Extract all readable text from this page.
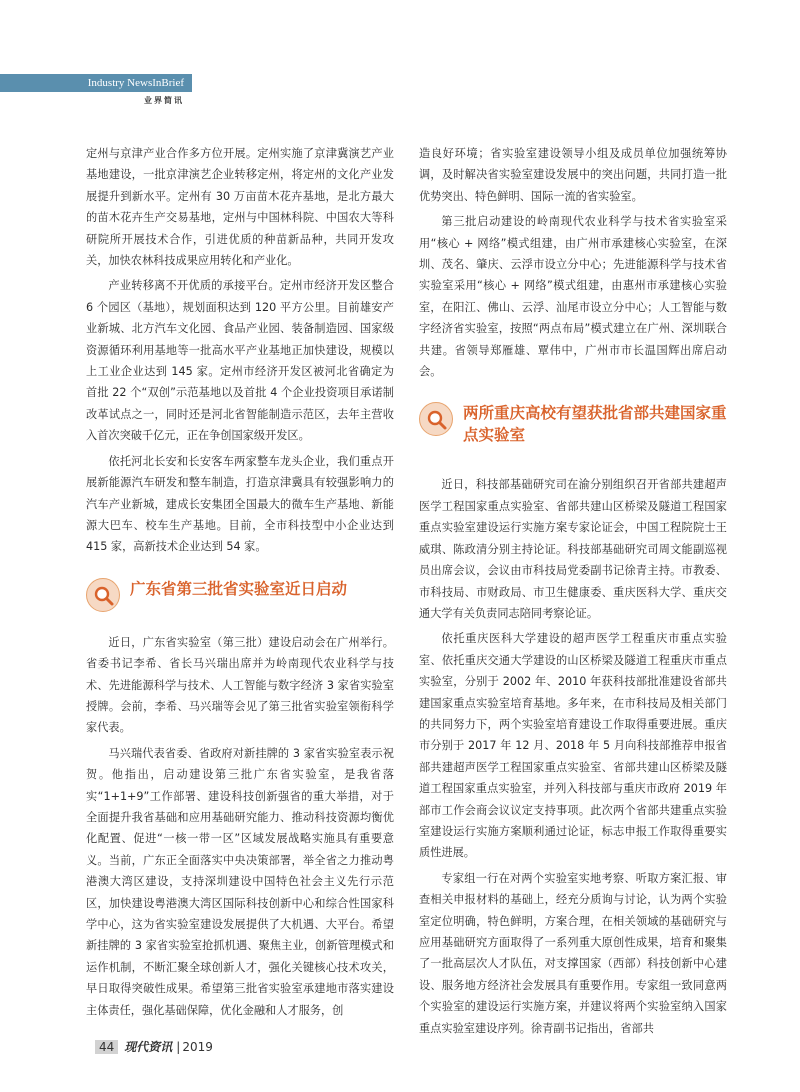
Industry NewsInBrief
业界简讯

定州与京津产业合作多方位开展。定州实施了京津冀演艺产业基地建设，一批京津演艺企业转移定州，将定州的文化产业发展提升到新水平。定州有 30 万亩苗木花卉基地，是北方最大的苗木花卉生产交易基地，定州与中国林科院、中国农大等科研院所开展技术合作，引进优质的种苗新品种，共同开发攻关，加快农林科技成果应用转化和产业化。

产业转移离不开优质的承接平台。定州市经济开发区整合 6 个园区（基地），规划面积达到 120 平方公里。目前雄安产业新城、北方汽车文化园、食品产业园、装备制造园、国家级资源循环利用基地等一批高水平产业基地正加快建设，规模以上工业企业达到 145 家。定州市经济开发区被河北省确定为首批 22 个“双创”示范基地以及首批 4 个企业投资项目承诺制改革试点之一，同时还是河北省智能制造示范区，去年主营收入首次突破千亿元，正在争创国家级开发区。

依托河北长安和长安客车两家整车龙头企业，我们重点开展新能源汽车研发和整车制造，打造京津冀具有较强影响力的汽车产业新城，建成长安集团全国最大的微车生产基地、新能源大巴车、校车生产基地。目前，全市科技型中小企业达到 415 家，高新技术企业达到 54 家。

广东省第三批省实验室近日启动

近日，广东省实验室（第三批）建设启动会在广州举行。省委书记李希、省长马兴瑞出席并为岭南现代农业科学与技术、先进能源科学与技术、人工智能与数字经济 3 家省实验室授牌。会前，李希、马兴瑞等会见了第三批省实验室领衔科学家代表。

马兴瑞代表省委、省政府对新挂牌的 3 家省实验室表示祝贺。他指出，启动建设第三批广东省实验室，是我省落实“1+1+9”工作部署、建设科技创新强省的重大举措，对于全面提升我省基础和应用基础研究能力、推动科技资源均衡优化配置、促进“一核一带一区”区域发展战略实施具有重要意义。当前，广东正全面落实中央决策部署，举全省之力推动粤港澳大湾区建设，支持深圳建设中国特色社会主义先行示范区，加快建设粤港澳大湾区国际科技创新中心和综合性国家科学中心，这为省实验室建设发展提供了大机遇、大平台。希望新挂牌的 3 家省实验室抢抓机遇、聚焦主业，创新管理模式和运作机制，不断汇聚全球创新人才，强化关键核心技术攻关，早日取得突破性成果。希望第三批省实验室承建地市落实建设主体责任，强化基础保障，优化金融和人才服务，创

造良好环境；省实验室建设领导小组及成员单位加强统筹协调，及时解决省实验室建设发展中的突出问题，共同打造一批优势突出、特色鲜明、国际一流的省实验室。

第三批启动建设的岭南现代农业科学与技术省实验室采用“核心 + 网络”模式组建，由广州市承建核心实验室，在深圳、茂名、肇庆、云浮市设立分中心；先进能源科学与技术省实验室采用“核心 + 网络”模式组建，由惠州市承建核心实验室，在阳江、佛山、云浮、汕尾市设立分中心；人工智能与数字经济省实验室，按照“两点布局”模式建立在广州、深圳联合共建。省领导郑雁雄、覃伟中，广州市市长温国辉出席启动会。

两所重庆高校有望获批省部共建国家重点实验室

近日，科技部基础研究司在渝分别组织召开省部共建超声医学工程国家重点实验室、省部共建山区桥梁及隧道工程国家重点实验室建设运行实施方案专家论证会，中国工程院院士王威琪、陈政清分别主持论证。科技部基础研究司周文能副巡视员出席会议，会议由市科技局党委副书记徐青主持。市教委、市科技局、市财政局、市卫生健康委、重庆医科大学、重庆交通大学有关负责同志陪同考察论证。

依托重庆医科大学建设的超声医学工程重庆市重点实验室、依托重庆交通大学建设的山区桥梁及隧道工程重庆市重点实验室，分别于 2002 年、2010 年获科技部批准建设省部共建国家重点实验室培育基地。多年来，在市科技局及相关部门的共同努力下，两个实验室培育建设工作取得重要进展。重庆市分别于 2017 年 12 月、2018 年 5 月向科技部推荐申报省部共建超声医学工程国家重点实验室、省部共建山区桥梁及隧道工程国家重点实验室，并列入科技部与重庆市政府 2019 年部市工作会商会议议定支持事项。此次两个省部共建重点实验室建设运行实施方案顺利通过论证，标志申报工作取得重要实质性进展。

专家组一行在对两个实验室实地考察、听取方案汇报、审查相关申报材料的基础上，经充分质询与讨论，认为两个实验室定位明确，特色鲜明，方案合理，在相关领域的基础研究与应用基础研究方面取得了一系列重大原创性成果，培育和聚集了一批高层次人才队伍，对支撑国家（西部）科技创新中心建设、服务地方经济社会发展具有重要作用。专家组一致同意两个实验室的建设运行实施方案，并建议将两个实验室纳入国家重点实验室建设序列。徐青副书记指出，省部共

44 现代资讯 | 2019
